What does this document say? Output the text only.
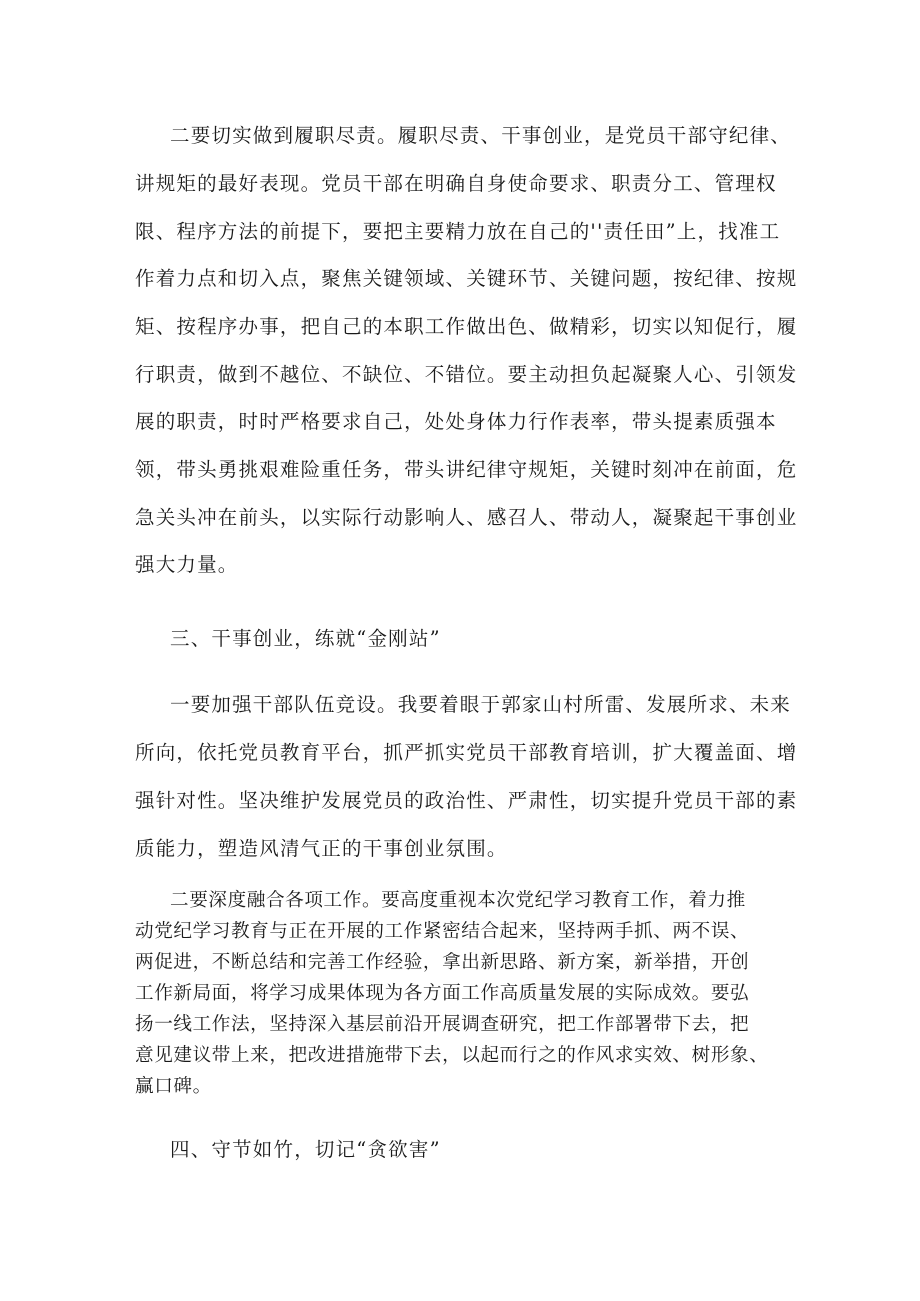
二要切实做到履职尽责。履职尽责、干事创业，是党员干部守纪律、
讲规矩的最好表现。党员干部在明确自身使命要求、职责分工、管理权
限、程序方法的前提下，要把主要精力放在自己的''责任田”上，找准工
作着力点和切入点，聚焦关键领域、关键环节、关键问题，按纪律、按规
矩、按程序办事，把自己的本职工作做出色、做精彩，切实以知促行，履
行职责，做到不越位、不缺位、不错位。要主动担负起凝聚人心、引领发
展的职责，时时严格要求自己，处处身体力行作表率，带头提素质强本
领，带头勇挑艰难险重任务，带头讲纪律守规矩，关键时刻冲在前面，危
急关头冲在前头，以实际行动影响人、感召人、带动人，凝聚起干事创业
强大力量。
三、干事创业，练就“金刚站”
一要加强干部队伍竞设。我要着眼于郭家山村所雷、发展所求、未来
所向，依托党员教育平台，抓严抓实党员干部教育培训，扩大覆盖面、增
强针对性。坚决维护发展党员的政治性、严肃性，切实提升党员干部的素
质能力，塑造风清气正的干事创业氛围。
二要深度融合各项工作。要高度重视本次党纪学习教育工作，着力推
动党纪学习教育与正在开展的工作紧密结合起来，坚持两手抓、两不误、
两促进，不断总结和完善工作经验，拿出新思路、新方案，新举措，开创
工作新局面，将学习成果体现为各方面工作高质量发展的实际成效。要弘
扬一线工作法，坚持深入基层前沿开展调查研究，把工作部署带下去，把
意见建议带上来，把改进措施带下去，以起而行之的作风求实效、树形象、
赢口碑。
四、守节如竹，切记“贪欲害”
